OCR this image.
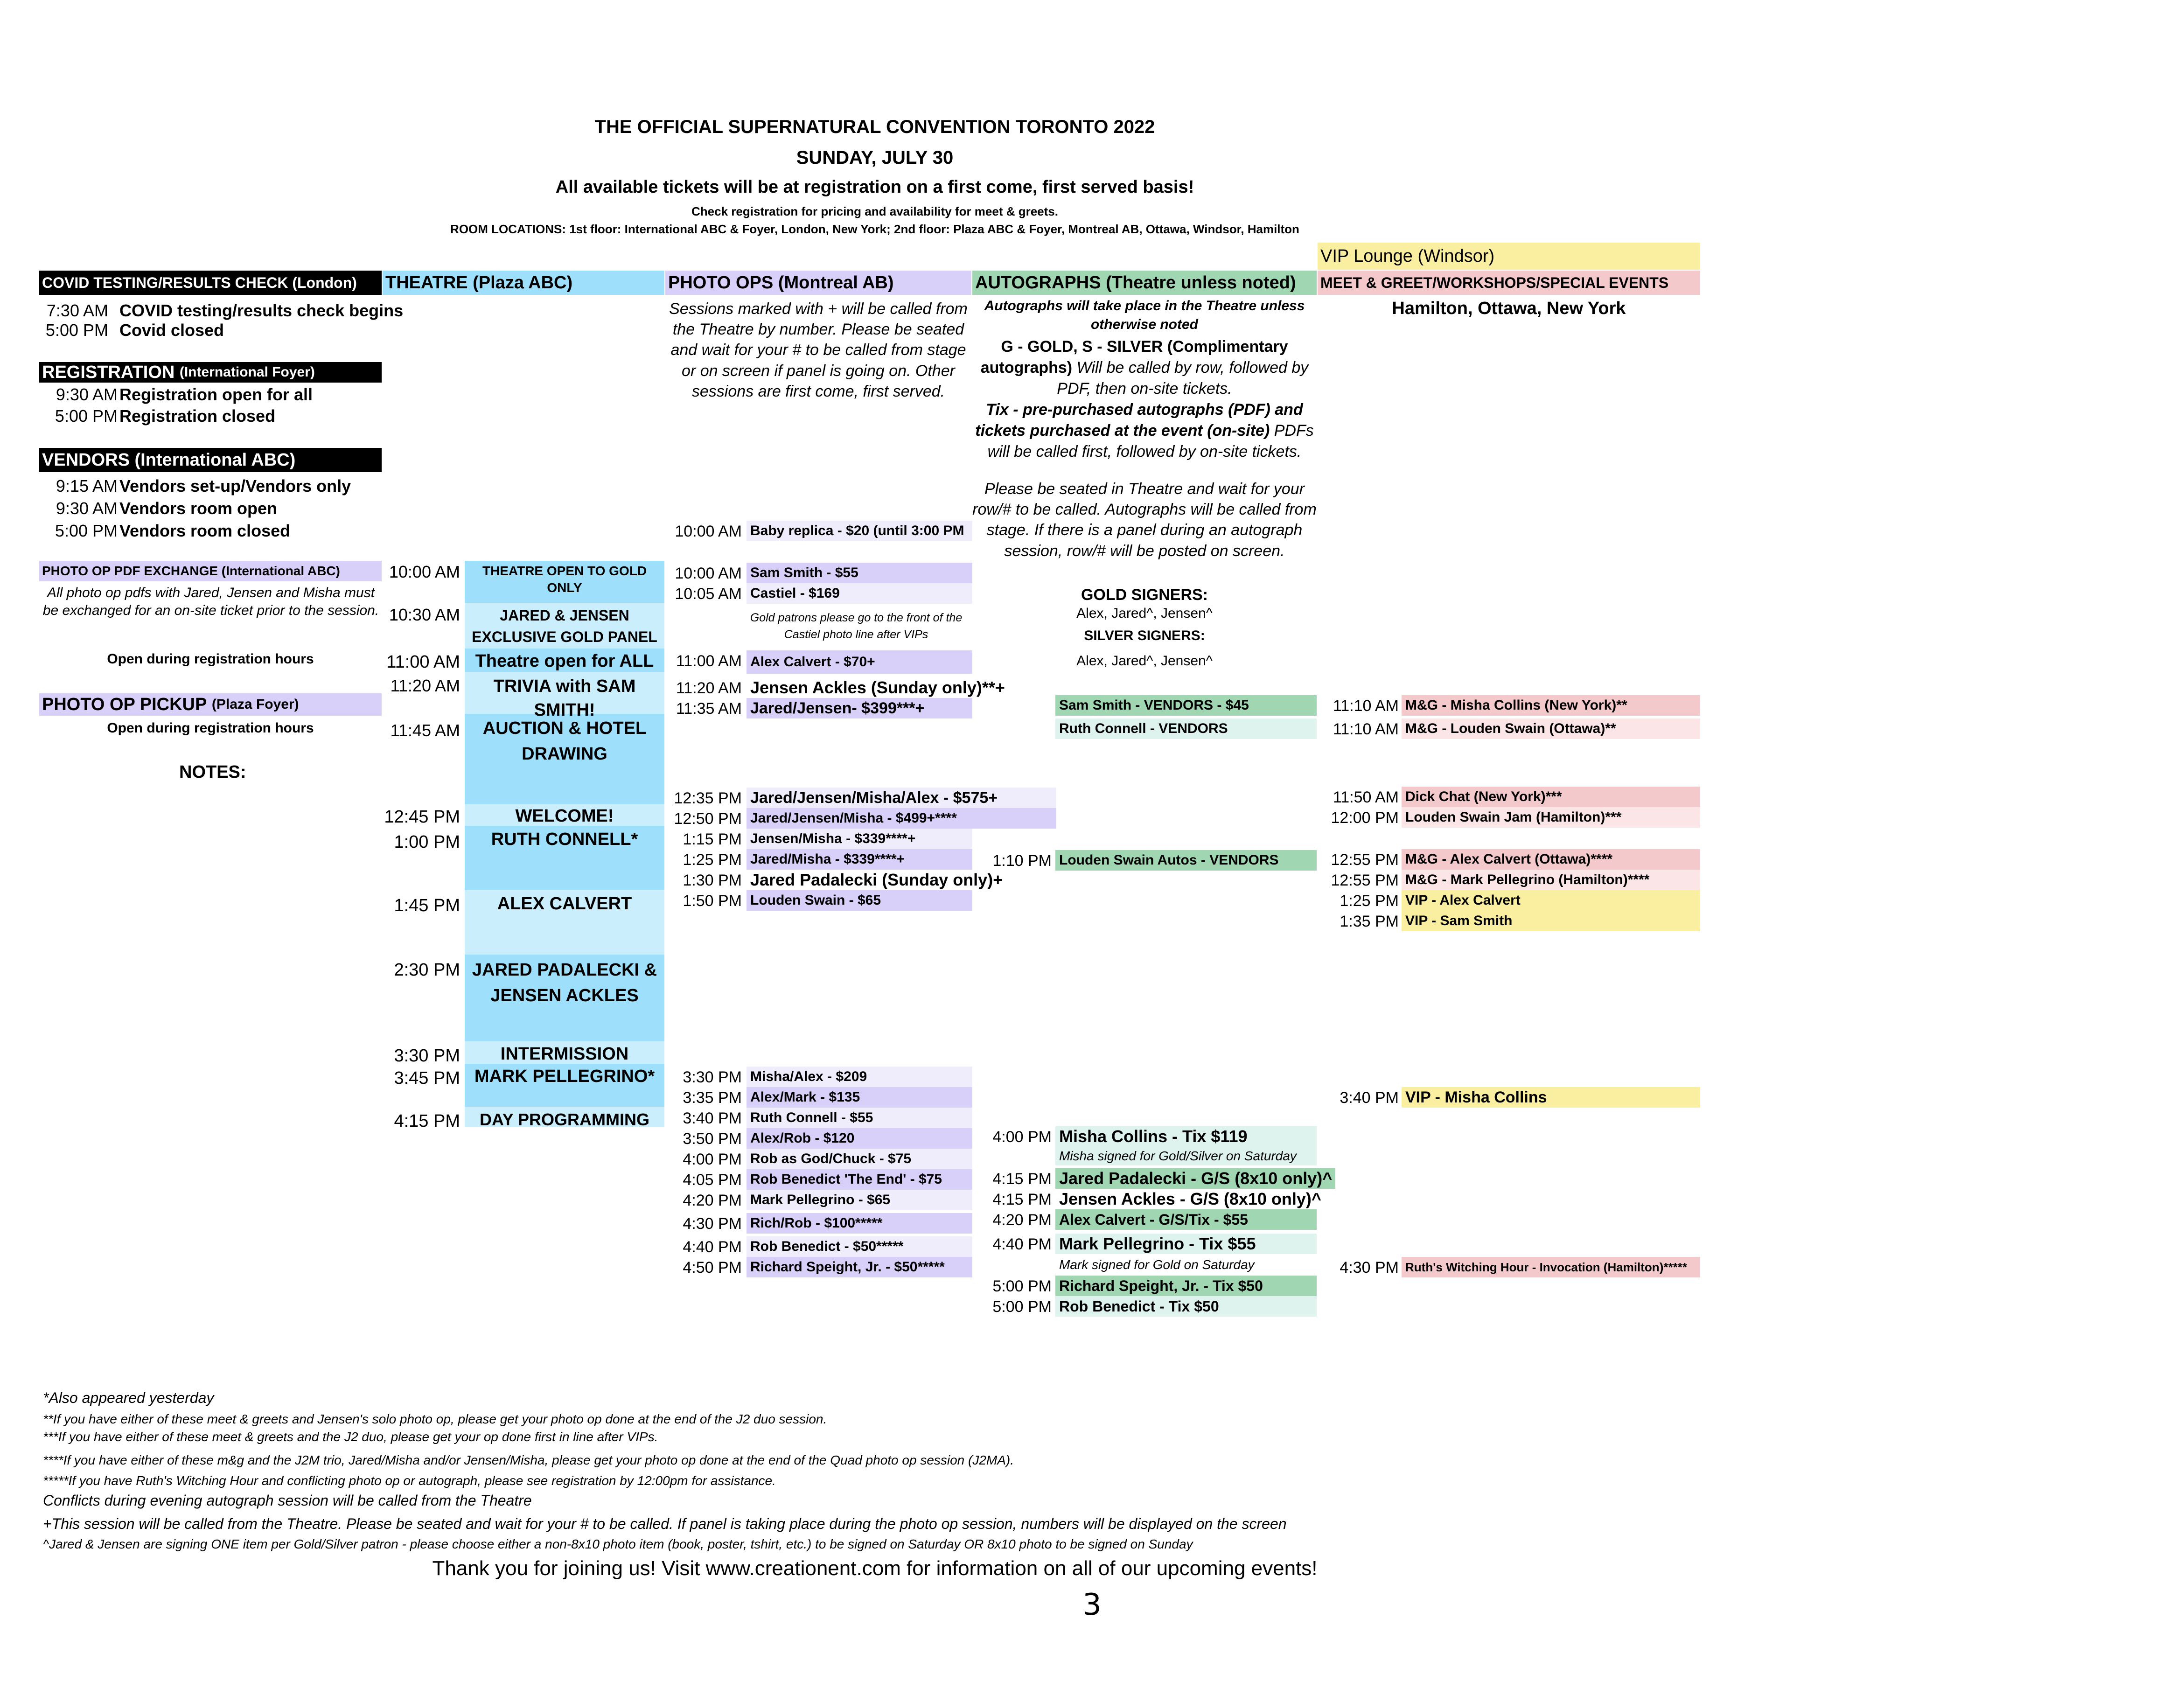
THE OFFICIAL SUPERNATURAL CONVENTION TORONTO 2022
SUNDAY, JULY 30
All available tickets will be at registration on a first come, first served basis!
Check registration for pricing and availability for meet & greets.
ROOM LOCATIONS: 1st floor: International ABC & Foyer, London, New York; 2nd floor: Plaza ABC & Foyer, Montreal AB, Ottawa, Windsor, Hamilton
COVID TESTING/RESULTS CHECK (London)
7:30 AM COVID testing/results check begins
5:00 PM Covid closed
REGISTRATION
(International Foyer)
9:30 AM Registration open for all
5:00 PM Registration closed
VENDORS (International ABC)
9:15 AM Vendors set-up/Vendors only
9:30 AM Vendors room open
5:00 PM Vendors room closed
PHOTO OP PDF EXCHANGE (International ABC)
All photo op pdfs with Jared, Jensen and Misha must be exchanged for an on-site ticket prior to the session.
Open during registration hours
PHOTO OP PICKUP
(Plaza Foyer)
Open during registration hours
NOTES:
THEATRE (Plaza ABC)
10:00 AM	THEATRE OPEN TO GOLD ONLY
10:30 AM	JARED & JENSEN EXCLUSIVE GOLD PANEL
11:00 AM Theatre open for ALL
11:20 AM	TRIVIA with SAM SMITH!
11:45 AM	AUCTION & HOTEL DRAWING
12:45 PM	WELCOME!
1:00 PM	RUTH CONNELL*
1:45 PM	ALEX CALVERT
2:30 PM JARED PADALECKI & JENSEN ACKLES
3:30 PM	INTERMISSION
3:45 PM MARK PELLEGRINO*
4:15 PM	DAY PROGRAMMING
PHOTO OPS (Montreal AB)
Sessions marked with + will be called from the Theatre by number. Please be seated and wait for your # to be called from stage or on screen if panel is going on. Other sessions are first come, first served.
10:00 AM Baby replica - $20 (until 3:00 PM
10:00 AM Sam Smith - $55
10:05 AM Castiel - $169
11:00 AM Alex Calvert - $70+
11:20 AM Jensen Ackles (Sunday only)**+
11:35 AM Jared/Jensen- $399***+
12:35 PM Jared/Jensen/Misha/Alex - $575+
12:50 PM Jared/Jensen/Misha - $499+****
1:15 PM Jensen/Misha - $339****+
1:25 PM Jared/Misha - $339****+
1:30 PM Jared Padalecki (Sunday only)+
1:50 PM Louden Swain - $65
3:30 PM Misha/Alex - $209
3:35 PM Alex/Mark - $135
3:40 PM Ruth Connell - $55
3:50 PM Alex/Rob - $120
4:00 PM Rob as God/Chuck - $75
4:05 PM Rob Benedict 'The End' - $75
4:20 PM Mark Pellegrino - $65
4:30 PM Rich/Rob - $100*****
4:40 PM Rob Benedict - $50*****
4:50 PM Richard Speight, Jr. - $50*****
Gold patrons please go to the front of the Castiel photo line after VIPs
AUTOGRAPHS (Theatre unless noted)
Autographs will take place in the Theatre unless otherwise noted
G - GOLD, S - SILVER (Complimentary autographs) Will be called by row, followed by PDF, then on-site tickets.
Tix - pre-purchased autographs (PDF) and tickets purchased at the event (on-site) PDFs will be called first, followed by on-site tickets.
Please be seated in Theatre and wait for your row/# to be called. Autographs will be called from stage. If there is a panel during an autograph session, row/# will be posted on screen.
GOLD SIGNERS:
Alex, Jared^, Jensen^
SILVER SIGNERS:
Alex, Jared^, Jensen^
Sam Smith - VENDORS - $45
Ruth Connell - VENDORS
1:10 PM Louden Swain Autos - VENDORS
4:00 PM Misha Collins - Tix $119
Misha signed for Gold/Silver on Saturday
4:15 PM Jared Padalecki - G/S (8x10 only)^
4:15 PM Jensen Ackles - G/S (8x10 only)^
4:20 PM Alex Calvert - G/S/Tix - $55
4:40 PM Mark Pellegrino - Tix $55
Mark signed for Gold on Saturday
5:00 PM Richard Speight, Jr. - Tix $50
5:00 PM Rob Benedict - Tix $50
VIP Lounge (Windsor)
MEET & GREET/WORKSHOPS/SPECIAL EVENTS
Hamilton, Ottawa, New York
11:10 AM M&G - Misha Collins (New York)**
11:10 AM M&G - Louden Swain (Ottawa)**
11:50 AM Dick Chat (New York)***
12:00 PM Louden Swain Jam (Hamilton)***
12:55 PM M&G - Alex Calvert (Ottawa)****
12:55 PM M&G - Mark Pellegrino (Hamilton)****
1:25 PM VIP - Alex Calvert
1:35 PM VIP - Sam Smith
3:40 PM VIP - Misha Collins
4:30 PM Ruth's Witching Hour - Invocation (Hamilton)*****
*Also appeared yesterday
**If you have either of these meet & greets and Jensen's solo photo op, please get your photo op done at the end of the J2 duo session.
***If you have either of these meet & greets and the J2 duo, please get your op done first in line after VIPs.
****If you have either of these m&g and the J2M trio, Jared/Misha and/or Jensen/Misha, please get your photo op done at the end of the Quad photo op session (J2MA).
*****If you have Ruth's Witching Hour and conflicting photo op or autograph, please see registration by 12:00pm for assistance.
Conflicts during evening autograph session will be called from the Theatre
+This session will be called from the Theatre. Please be seated and wait for your # to be called. If panel is taking place during the photo op session, numbers will be displayed on the screen
^Jared & Jensen are signing ONE item per Gold/Silver patron - please choose either a non-8x10 photo item (book, poster, tshirt, etc.) to be signed on Saturday OR 8x10 photo to be signed on Sunday
Thank you for joining us! Visit www.creationent.com for information on all of our upcoming events!
3
